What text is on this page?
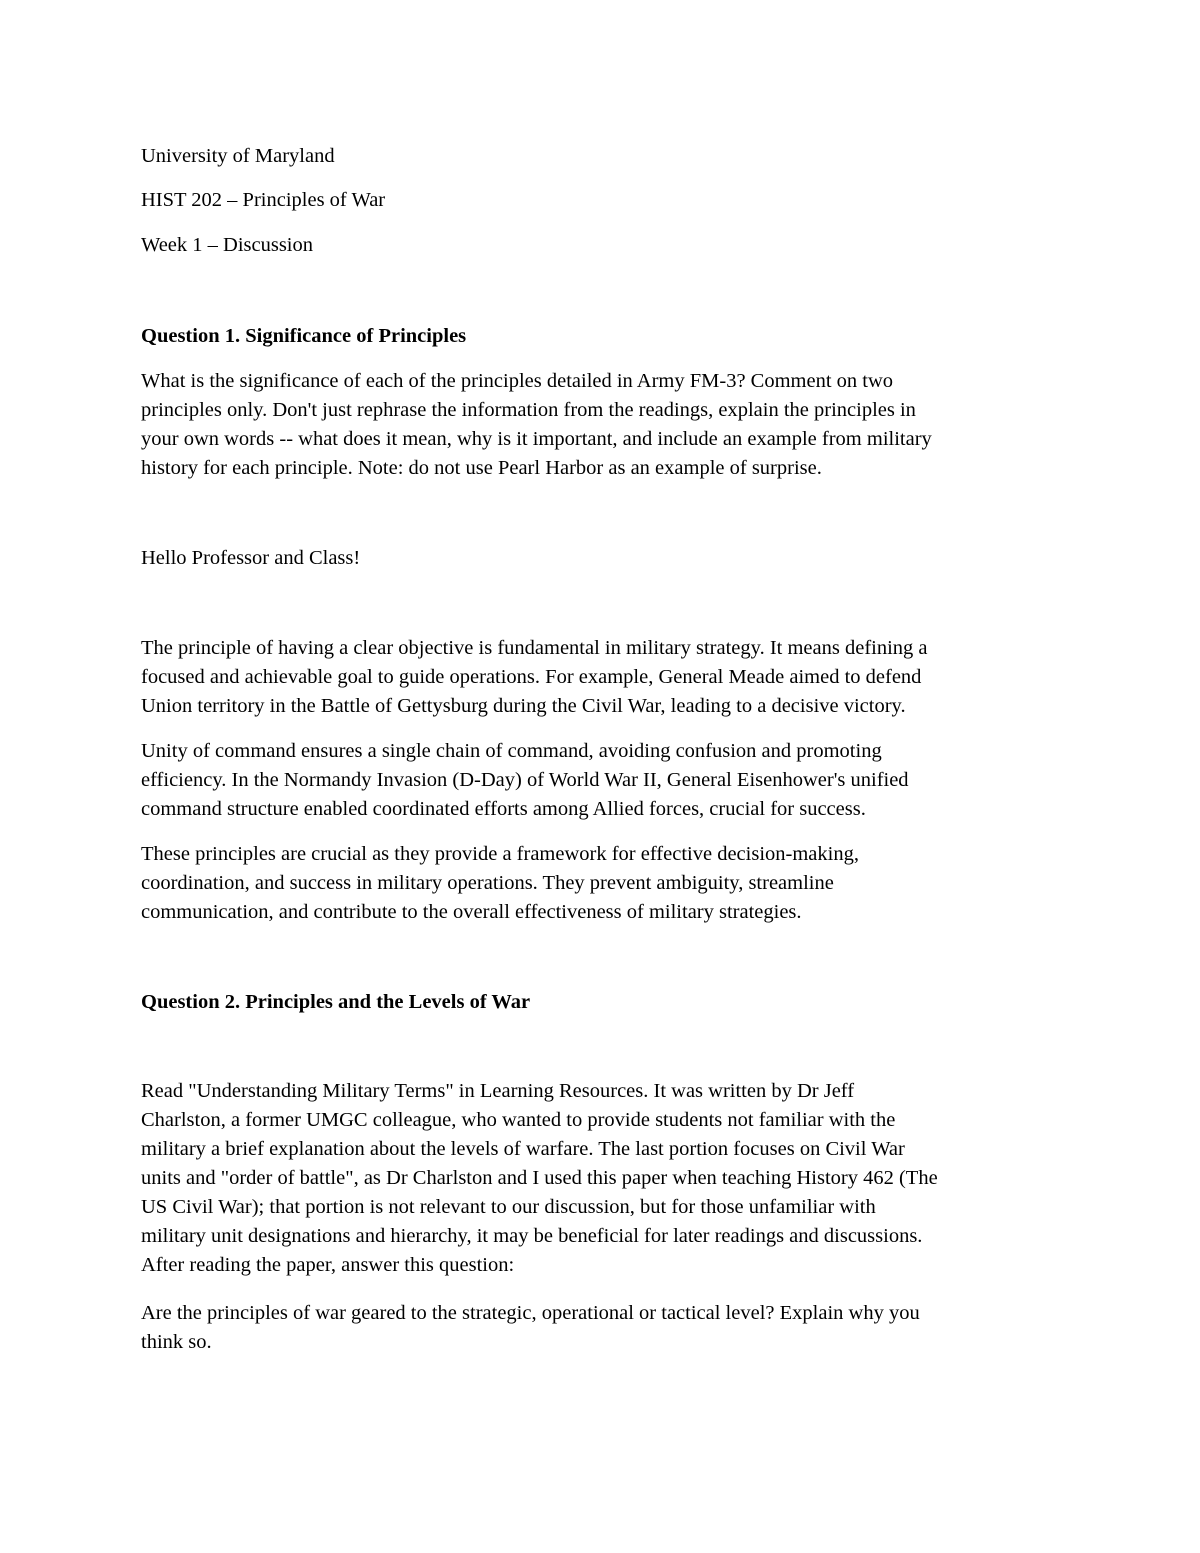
University of Maryland

HIST 202 – Principles of War

Week 1 – Discussion

Question 1. Significance of Principles

What is the significance of each of the principles detailed in Army FM-3? Comment on two

principles only. Don't just rephrase the information from the readings, explain the principles in

your own words -- what does it mean, why is it important, and include an example from military

history for each principle. Note: do not use Pearl Harbor as an example of surprise.

Hello Professor and Class!

The principle of having a clear objective is fundamental in military strategy. It means defining a

focused and achievable goal to guide operations. For example, General Meade aimed to defend

Union territory in the Battle of Gettysburg during the Civil War, leading to a decisive victory.

Unity of command ensures a single chain of command, avoiding confusion and promoting

efficiency. In the Normandy Invasion (D-Day) of World War II, General Eisenhower's unified

command structure enabled coordinated efforts among Allied forces, crucial for success.

These principles are crucial as they provide a framework for effective decision-making,

coordination, and success in military operations. They prevent ambiguity, streamline

communication, and contribute to the overall effectiveness of military strategies.

Question 2. Principles and the Levels of War

Read "Understanding Military Terms" in Learning Resources. It was written by Dr Jeff

Charlston, a former UMGC colleague, who wanted to provide students not familiar with the

military a brief explanation about the levels of warfare. The last portion focuses on Civil War

units and "order of battle", as Dr Charlston and I used this paper when teaching History 462 (The

US Civil War); that portion is not relevant to our discussion, but for those unfamiliar with

military unit designations and hierarchy, it may be beneficial for later readings and discussions.

After reading the paper, answer this question:

Are the principles of war geared to the strategic, operational or tactical level? Explain why you

think so.
